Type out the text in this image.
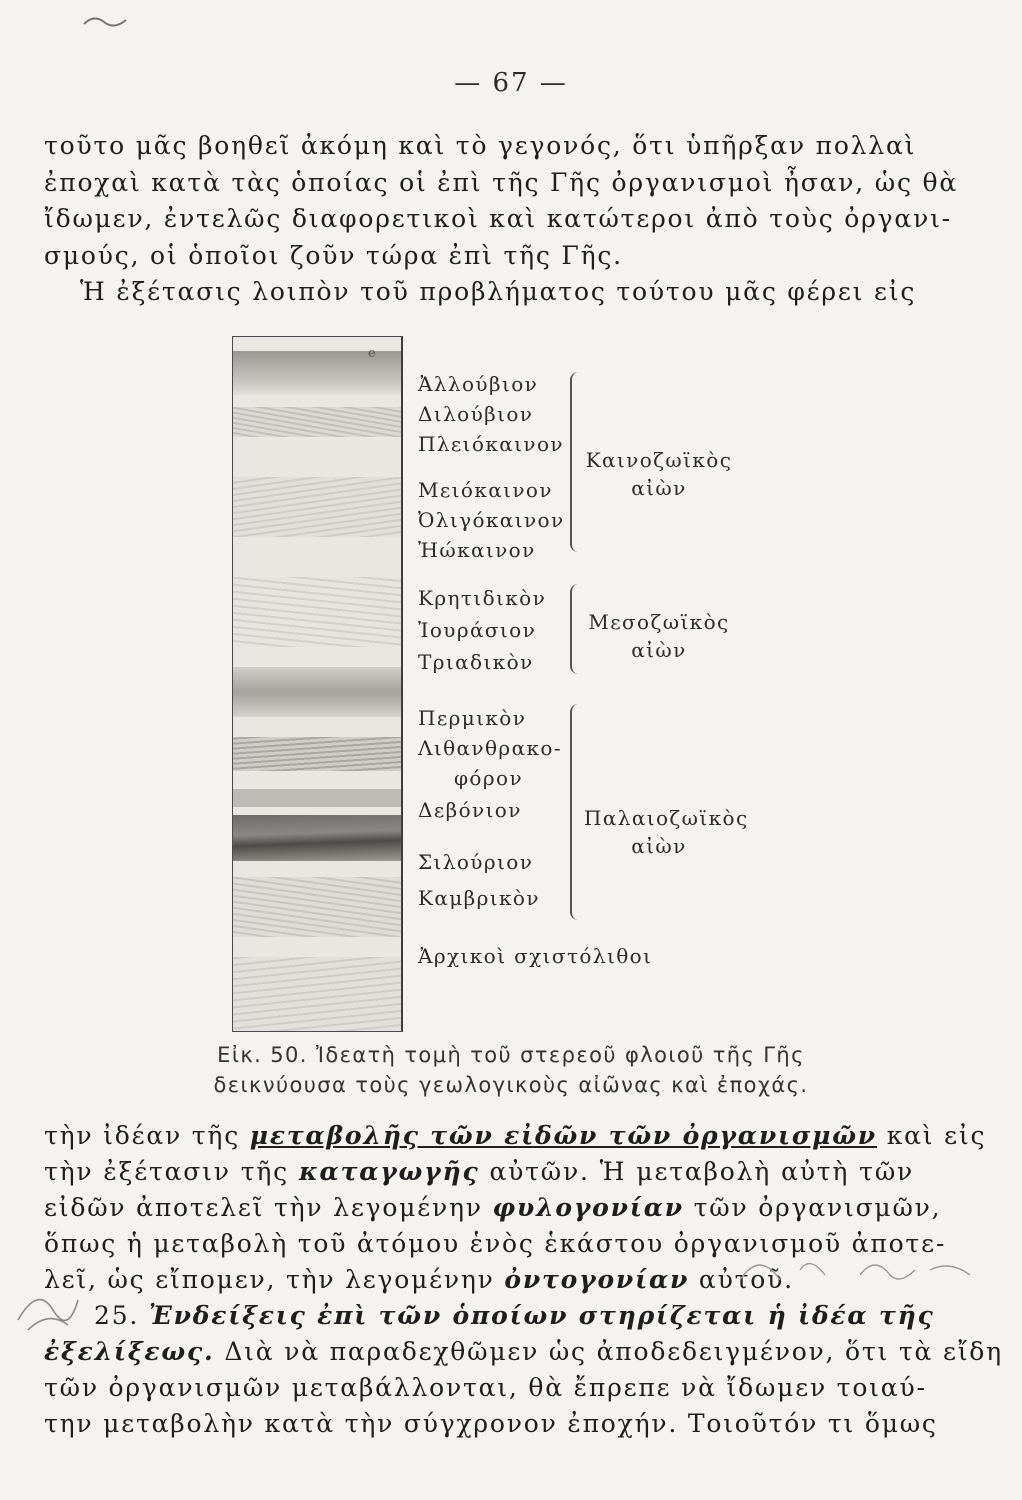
— 67 —
τοῦτο μᾶς βοηθεῖ ἀκόμη καὶ τὸ γεγονός, ὅτι ὑπῆρξαν πολλαὶ
ἐποχαὶ κατὰ τὰς ὁποίας οἱ ἐπὶ τῆς Γῆς ὀργανισμοὶ ἦσαν, ὡς θὰ
ἴδωμεν, ἐντελῶς διαφορετικοὶ καὶ κατώτεροι ἀπὸ τοὺς ὀργανι-
σμούς, οἱ ὁποῖοι ζοῦν τώρα ἐπὶ τῆς Γῆς.
Ἡ ἐξέτασις λοιπὸν τοῦ προβλήματος τούτου μᾶς φέρει εἰς
e
Ἀλλούβιον
Διλούβιον
Πλειόκαινον
Μειόκαινον
Ὀλιγόκαινον
Ἠώκαινον
Κρητιδικὸν
Ἰουράσιον
Τριαδικὸν
Περμικὸν
Λιθανθρακο-
φόρον
Δεβόνιον
Σιλούριον
Καμβρικὸν
Ἀρχικοὶ σχιστόλιθοι
Καινοζωϊκὸς
αἰὼν
Μεσοζωϊκὸς
αἰὼν
Παλαιοζωϊκὸς
αἰὼν
Εἰκ. 50. Ἰδεατὴ τομὴ τοῦ στερεοῦ φλοιοῦ τῆς Γῆς
δεικνύουσα τοὺς γεωλογικοὺς αἰῶνας καὶ ἐποχάς.
τὴν ἰδέαν τῆς μεταβολῆς τῶν εἰδῶν τῶν ὀργανισμῶν καὶ εἰς
τὴν ἐξέτασιν τῆς καταγωγῆς αὐτῶν. Ἡ μεταβολὴ αὐτὴ τῶν
εἰδῶν ἀποτελεῖ τὴν λεγομένην φυλογονίαν τῶν ὀργανισμῶν,
ὅπως ἡ μεταβολὴ τοῦ ἀτόμου ἑνὸς ἑκάστου ὀργανισμοῦ ἀποτε-
λεῖ, ὡς εἴπομεν, τὴν λεγομένην ὀντογονίαν αὐτοῦ.
25. Ἐνδείξεις ἐπὶ τῶν ὁποίων στηρίζεται ἡ ἰδέα τῆς
ἐξελίξεως. Διὰ νὰ παραδεχθῶμεν ὡς ἀποδεδειγμένον, ὅτι τὰ εἴδη
τῶν ὀργανισμῶν μεταβάλλονται, θὰ ἔπρεπε νὰ ἴδωμεν τοιαύ-
την μεταβολὴν κατὰ τὴν σύγχρονον ἐποχήν. Τοιοῦτόν τι ὅμως
